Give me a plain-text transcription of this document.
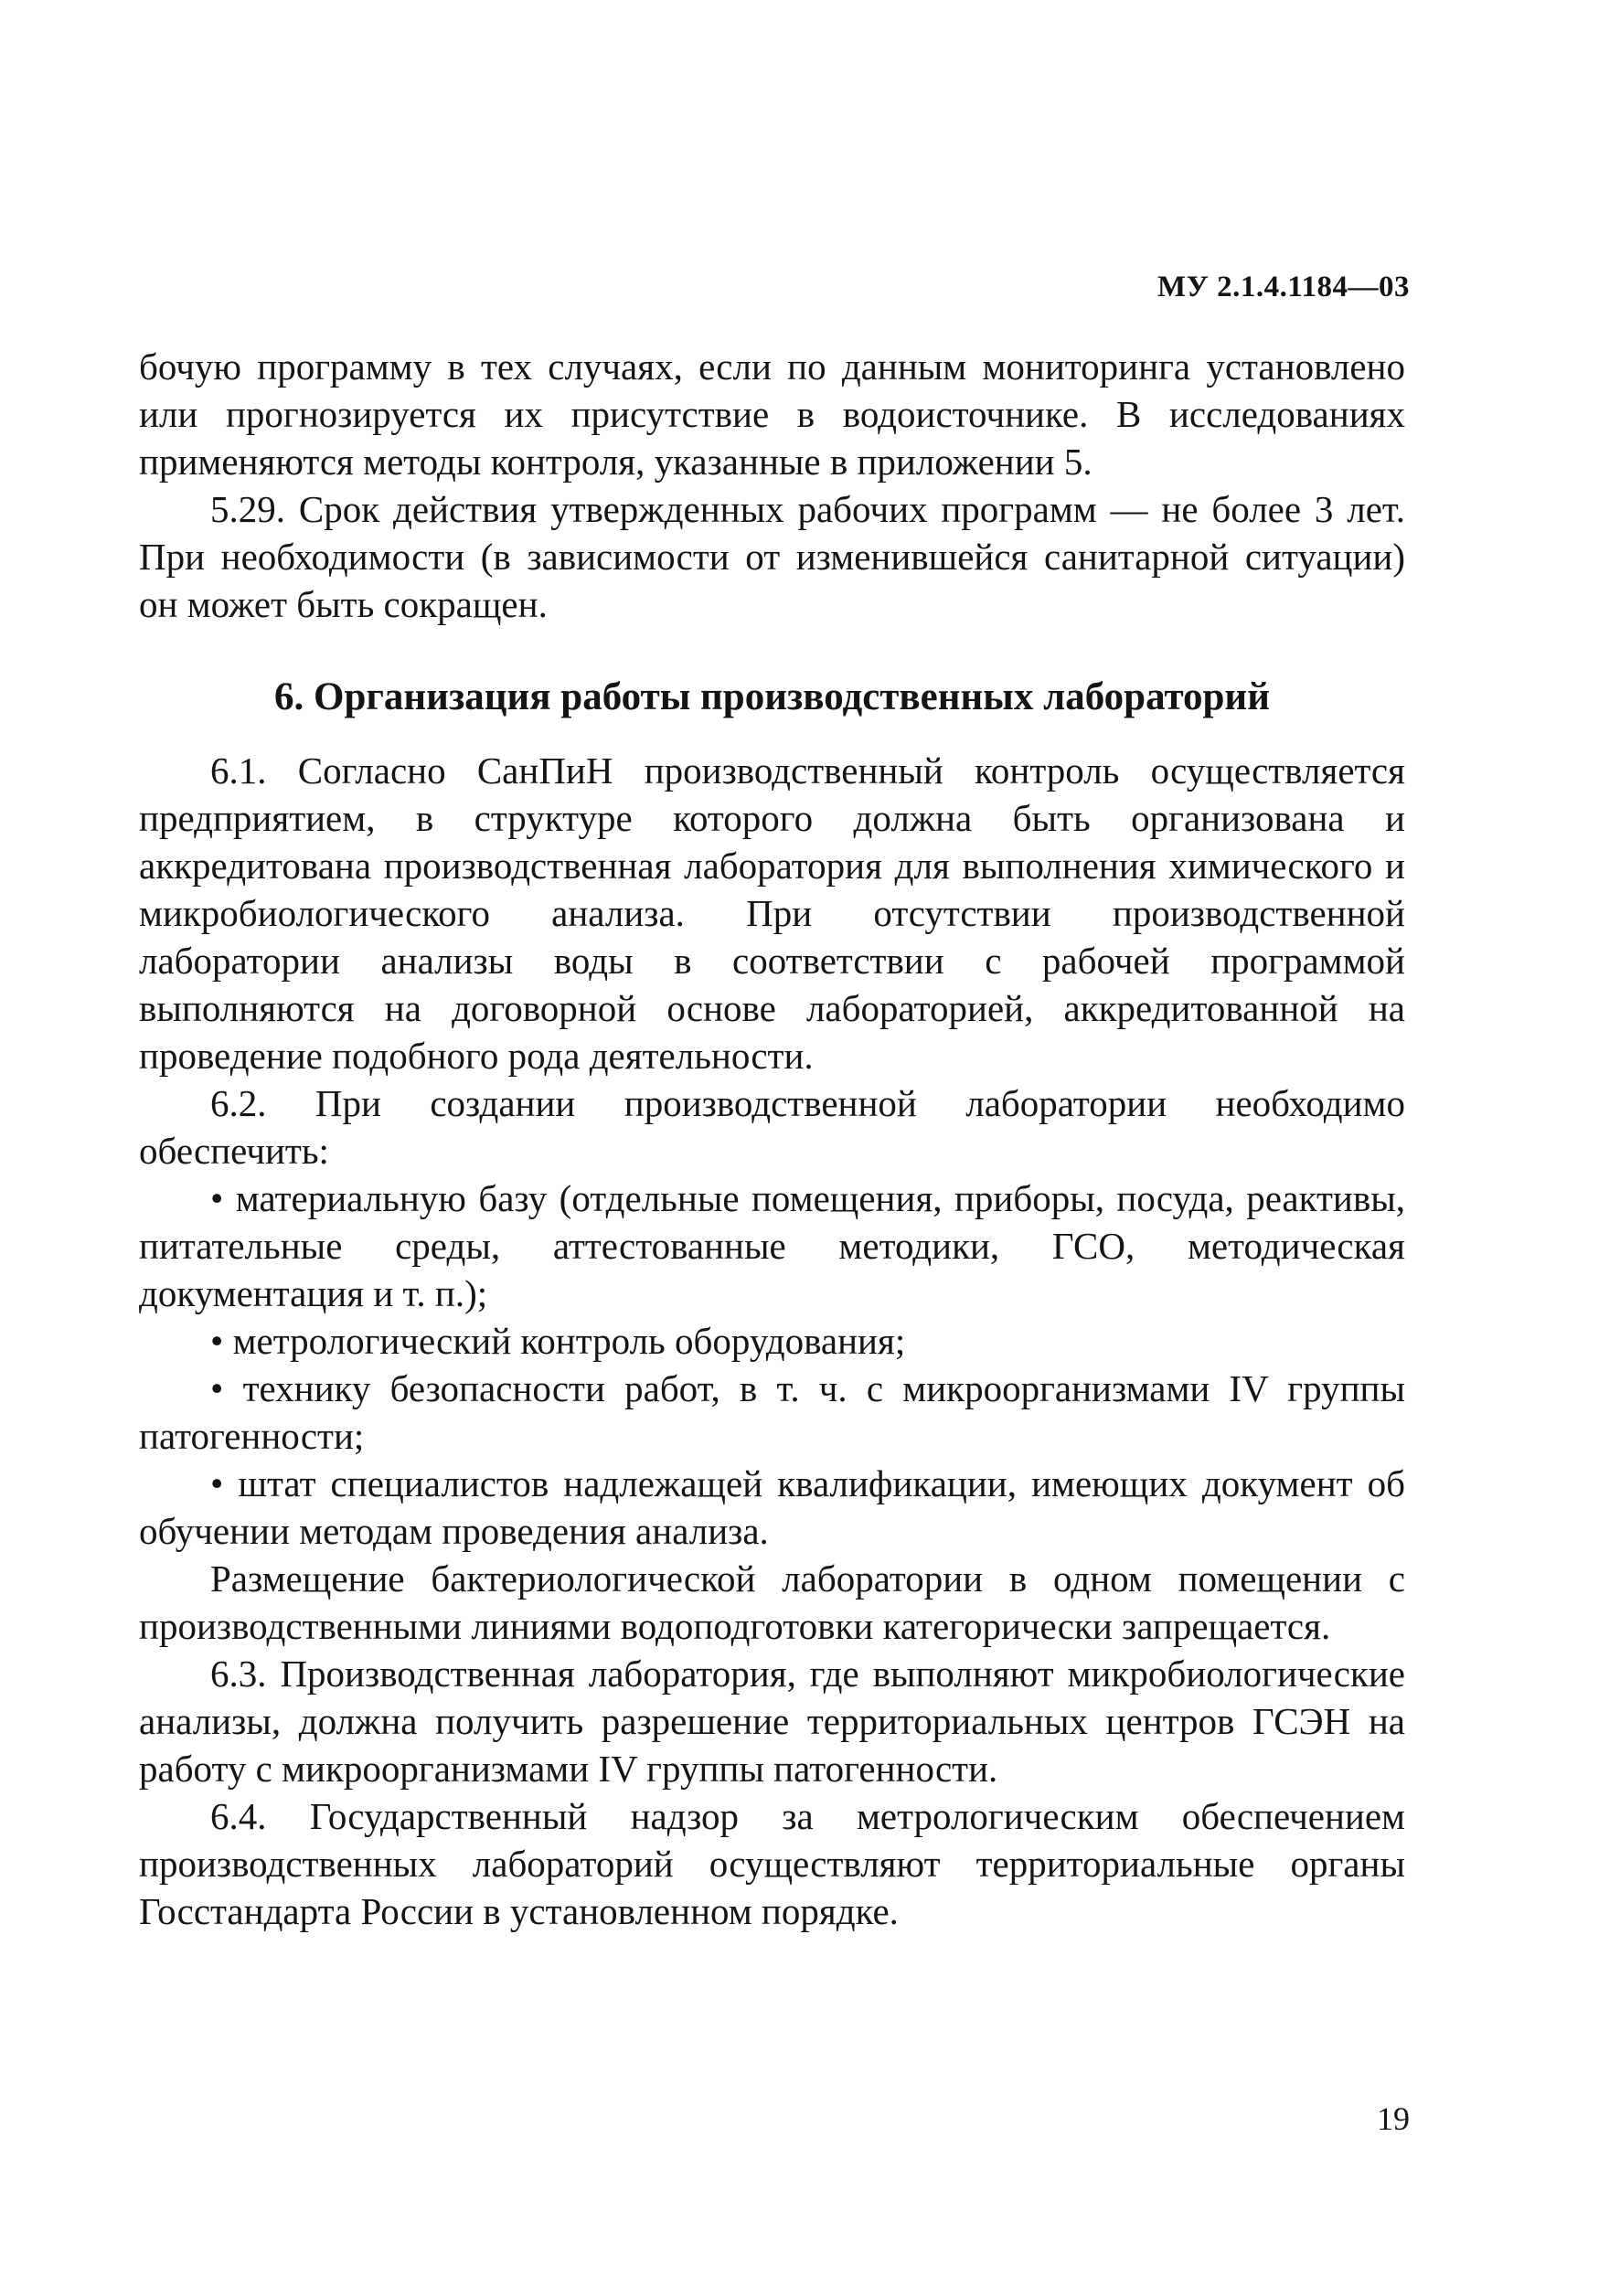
МУ 2.1.4.1184—03

бочую программу в тех случаях, если по данным мониторинга установлено или прогнозируется их присутствие в водоисточнике. В исследованиях применяются методы контроля, указанные в приложении 5.

5.29. Срок действия утвержденных рабочих программ — не более 3 лет. При необходимости (в зависимости от изменившейся санитарной ситуации) он может быть сокращен.

6. Организация работы производственных лабораторий

6.1. Согласно СанПиН производственный контроль осуществляется предприятием, в структуре которого должна быть организована и аккредитована производственная лаборатория для выполнения химического и микробиологического анализа. При отсутствии производственной лаборатории анализы воды в соответствии с рабочей программой выполняются на договорной основе лабораторией, аккредитованной на проведение подобного рода деятельности.

6.2. При создании производственной лаборатории необходимо обеспечить:

• материальную базу (отдельные помещения, приборы, посуда, реактивы, питательные среды, аттестованные методики, ГСО, методическая документация и т. п.);

• метрологический контроль оборудования;

• технику безопасности работ, в т. ч. с микроорганизмами IV группы патогенности;

• штат специалистов надлежащей квалификации, имеющих документ об обучении методам проведения анализа.

Размещение бактериологической лаборатории в одном помещении с производственными линиями водоподготовки категорически запрещается.

6.3. Производственная лаборатория, где выполняют микробиологические анализы, должна получить разрешение территориальных центров ГСЭН на работу с микроорганизмами IV группы патогенности.

6.4. Государственный надзор за метрологическим обеспечением производственных лабораторий осуществляют территориальные органы Госстандарта России в установленном порядке.

19
